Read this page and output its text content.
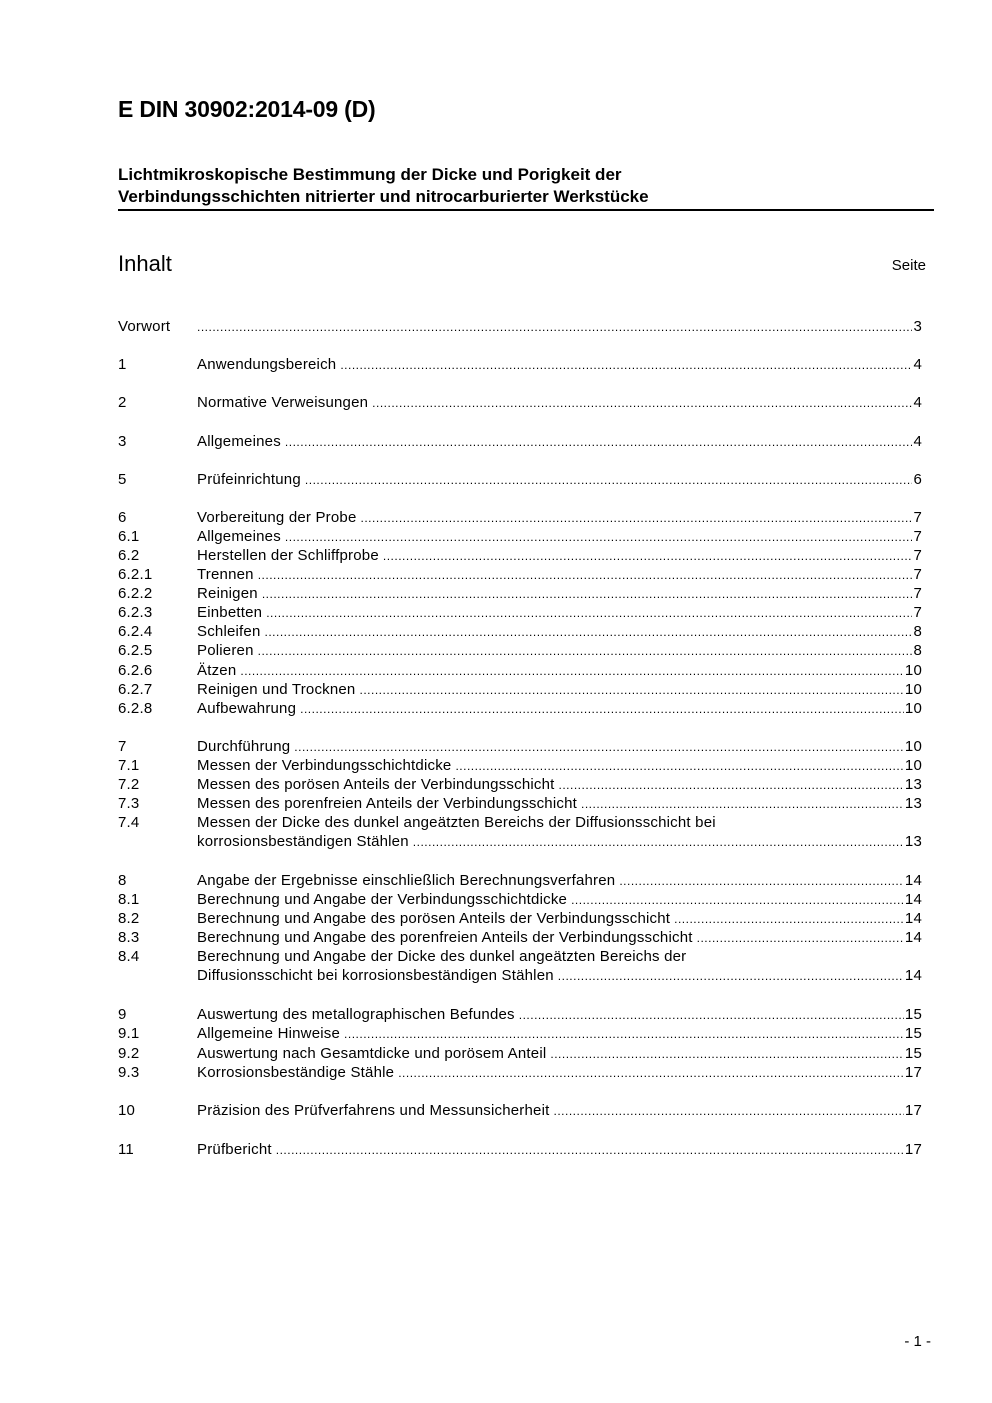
E DIN 30902:2014-09 (D)
Lichtmikroskopische Bestimmung der Dicke und Porigkeit der
Verbindungsschichten nitrierter und nitrocarburierter Werkstücke
Inhalt	Seite
Vorwort .....	3
1	Anwendungsbereich .....	4
2	Normative Verweisungen .....	4
3	Allgemeines .....	4
5	Prüfeinrichtung .....	6
6	Vorbereitung der Probe .....	7
6.1	Allgemeines .....	7
6.2	Herstellen der Schliffprobe .....	7
6.2.1	Trennen .....	7
6.2.2	Reinigen .....	7
6.2.3	Einbetten .....	7
6.2.4	Schleifen .....	8
6.2.5	Polieren .....	8
6.2.6	Ätzen .....	10
6.2.7	Reinigen und Trocknen .....	10
6.2.8	Aufbewahrung .....	10
7	Durchführung .....	10
7.1	Messen der Verbindungsschichtdicke .....	10
7.2	Messen des porösen Anteils der Verbindungsschicht .....	13
7.3	Messen des porenfreien Anteils der Verbindungsschicht .....	13
7.4	Messen der Dicke des dunkel angeätzten Bereichs der Diffusionsschicht bei
korrosionsbeständigen Stählen .....	13
8	Angabe der Ergebnisse einschließlich Berechnungsverfahren .....	14
8.1	Berechnung und Angabe der Verbindungsschichtdicke .....	14
8.2	Berechnung und Angabe des porösen Anteils der Verbindungsschicht .....	14
8.3	Berechnung und Angabe des porenfreien Anteils der Verbindungsschicht .....	14
8.4	Berechnung und Angabe der Dicke des dunkel angeätzten Bereichs der
Diffusionsschicht bei korrosionsbeständigen Stählen .....	14
9	Auswertung des metallographischen Befundes .....	15
9.1	Allgemeine Hinweise .....	15
9.2	Auswertung nach Gesamtdicke und porösem Anteil .....	15
9.3	Korrosionsbeständige Stähle .....	17
10	Präzision des Prüfverfahrens und Messunsicherheit .....	17
11	Prüfbericht .....	17
- 1 -
